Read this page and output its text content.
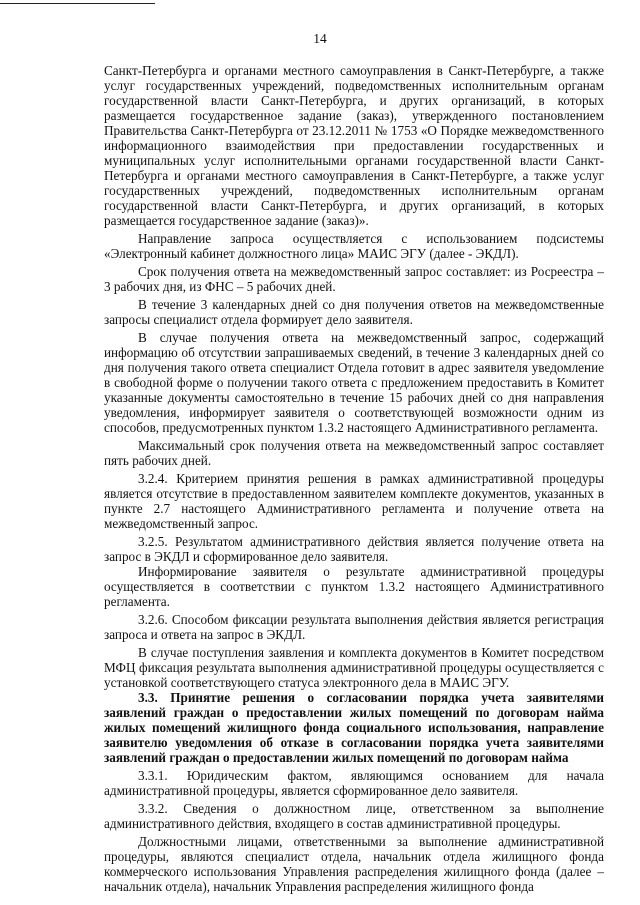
14

Санкт-Петербурга и органами местного самоуправления в Санкт-Петербурге, а также услуг государственных учреждений, подведомственных исполнительным органам государственной власти Санкт-Петербурга, и других организаций, в которых размещается государственное задание (заказ), утвержденного постановлением Правительства Санкт-Петербурга от 23.12.2011 № 1753 «О Порядке межведомственного информационного взаимодействия при предоставлении государственных и муниципальных услуг исполнительными органами государственной власти Санкт-Петербурга и органами местного самоуправления в Санкт-Петербурге, а также услуг государственных учреждений, подведомственных исполнительным органам государственной власти Санкт-Петербурга, и других организаций, в которых размещается государственное задание (заказ)».

Направление запроса осуществляется с использованием подсистемы «Электронный кабинет должностного лица» МАИС ЭГУ (далее - ЭКДЛ).

Срок получения ответа на межведомственный запрос составляет: из Росреестра – 3 рабочих дня, из ФНС – 5 рабочих дней.

В течение 3 календарных дней со дня получения ответов на межведомственные запросы специалист отдела формирует дело заявителя.

В случае получения ответа на межведомственный запрос, содержащий информацию об отсутствии запрашиваемых сведений, в течение 3 календарных дней со дня получения такого ответа специалист Отдела готовит в адрес заявителя уведомление в свободной форме о получении такого ответа с предложением предоставить в Комитет указанные документы самостоятельно в течение 15 рабочих дней со дня направления уведомления, информирует заявителя о соответствующей возможности одним из способов, предусмотренных пунктом 1.3.2 настоящего Административного регламента.

Максимальный срок получения ответа на межведомственный запрос составляет пять рабочих дней.

3.2.4. Критерием принятия решения в рамках административной процедуры является отсутствие в предоставленном заявителем комплекте документов, указанных в пункте 2.7 настоящего Административного регламента и получение ответа на межведомственный запрос.

3.2.5. Результатом административного действия является получение ответа на запрос в ЭКДЛ и сформированное дело заявителя.

Информирование заявителя о результате административной процедуры осуществляется в соответствии с пунктом 1.3.2 настоящего Административного регламента.

3.2.6. Способом фиксации результата выполнения действия является регистрация запроса и ответа на запрос в ЭКДЛ.

В случае поступления заявления и комплекта документов в Комитет посредством МФЦ фиксация результата выполнения административной процедуры осуществляется с установкой соответствующего статуса электронного дела в МАИС ЭГУ.

3.3. Принятие решения о согласовании порядка учета заявителями заявлений граждан о предоставлении жилых помещений по договорам найма жилых помещений жилищного фонда социального использования, направление заявителю уведомления об отказе в согласовании порядка учета заявителями заявлений граждан о предоставлении жилых помещений по договорам найма

3.3.1. Юридическим фактом, являющимся основанием для начала административной процедуры, является сформированное дело заявителя.

3.3.2. Сведения о должностном лице, ответственном за выполнение административного действия, входящего в состав административной процедуры.

Должностными лицами, ответственными за выполнение административной процедуры, являются специалист отдела, начальник отдела жилищного фонда коммерческого использования Управления распределения жилищного фонда (далее – начальник отдела), начальник Управления распределения жилищного фонда
